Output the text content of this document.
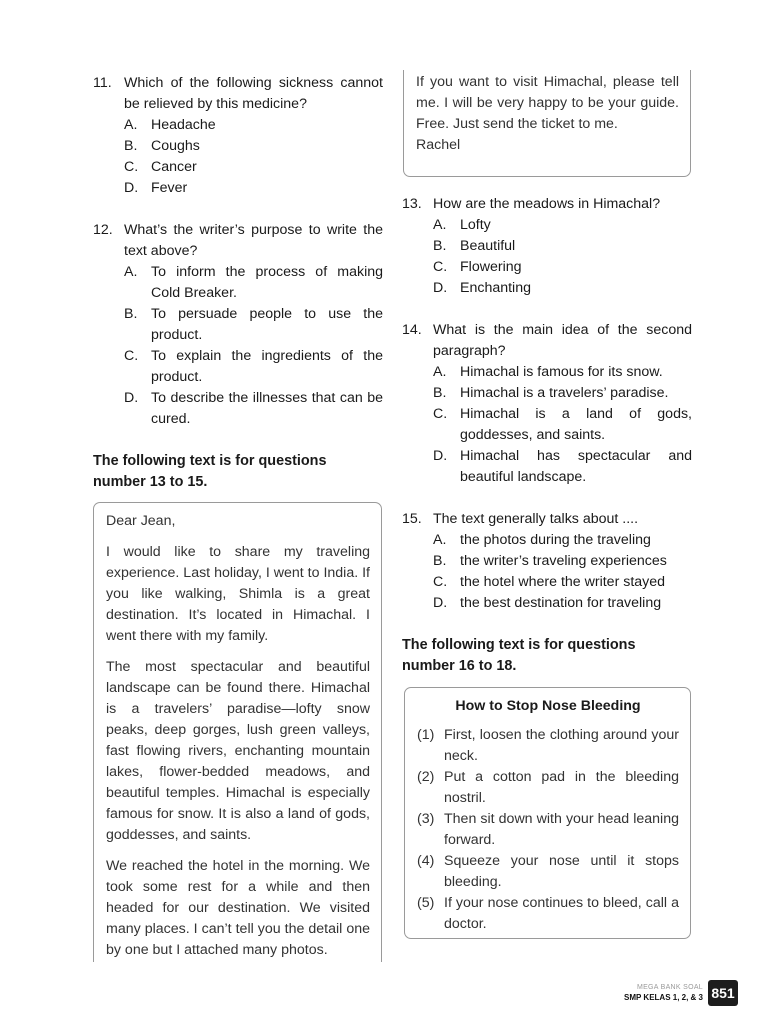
11. Which of the following sickness cannot be relieved by this medicine?
A. Headache
B. Coughs
C. Cancer
D. Fever
12. What’s the writer’s purpose to write the text above?
A. To inform the process of making Cold Breaker.
B. To persuade people to use the product.
C. To explain the ingredients of the product.
D. To describe the illnesses that can be cured.
The following text is for questions number 13 to 15.

Dear Jean,

I would like to share my traveling experience. Last holiday, I went to India. If you like walking, Shimla is a great destination. It’s located in Himachal. I went there with my family.

The most spectacular and beautiful landscape can be found there. Himachal is a travelers’ paradise—lofty snow peaks, deep gorges, lush green valleys, fast flowing rivers, enchanting mountain lakes, flower-bedded meadows, and beautiful temples. Himachal is especially famous for snow. It is also a land of gods, goddesses, and saints.

We reached the hotel in the morning. We took some rest for a while and then headed for our destination. We visited many places. I can’t tell you the detail one by one but I attached many photos.

If you want to visit Himachal, please tell me. I will be very happy to be your guide. Free. Just send the ticket to me.

Rachel

13. How are the meadows in Himachal?
A. Lofty
B. Beautiful
C. Flowering
D. Enchanting
14. What is the main idea of the second paragraph?
A. Himachal is famous for its snow.
B. Himachal is a travelers’ paradise.
C. Himachal is a land of gods, goddesses, and saints.
D. Himachal has spectacular and beautiful landscape.
15. The text generally talks about ....
A. the photos during the traveling
B. the writer’s traveling experiences
C. the hotel where the writer stayed
D. the best destination for traveling
The following text is for questions number 16 to 18.
How to Stop Nose Bleeding
(1) First, loosen the clothing around your neck.
(2) Put a cotton pad in the bleeding nostril.
(3) Then sit down with your head leaning forward.
(4) Squeeze your nose until it stops bleeding.
(5) If your nose continues to bleed, call a doctor.
MEGA BANK SOAL
SMP KELAS 1, 2, & 3 851
